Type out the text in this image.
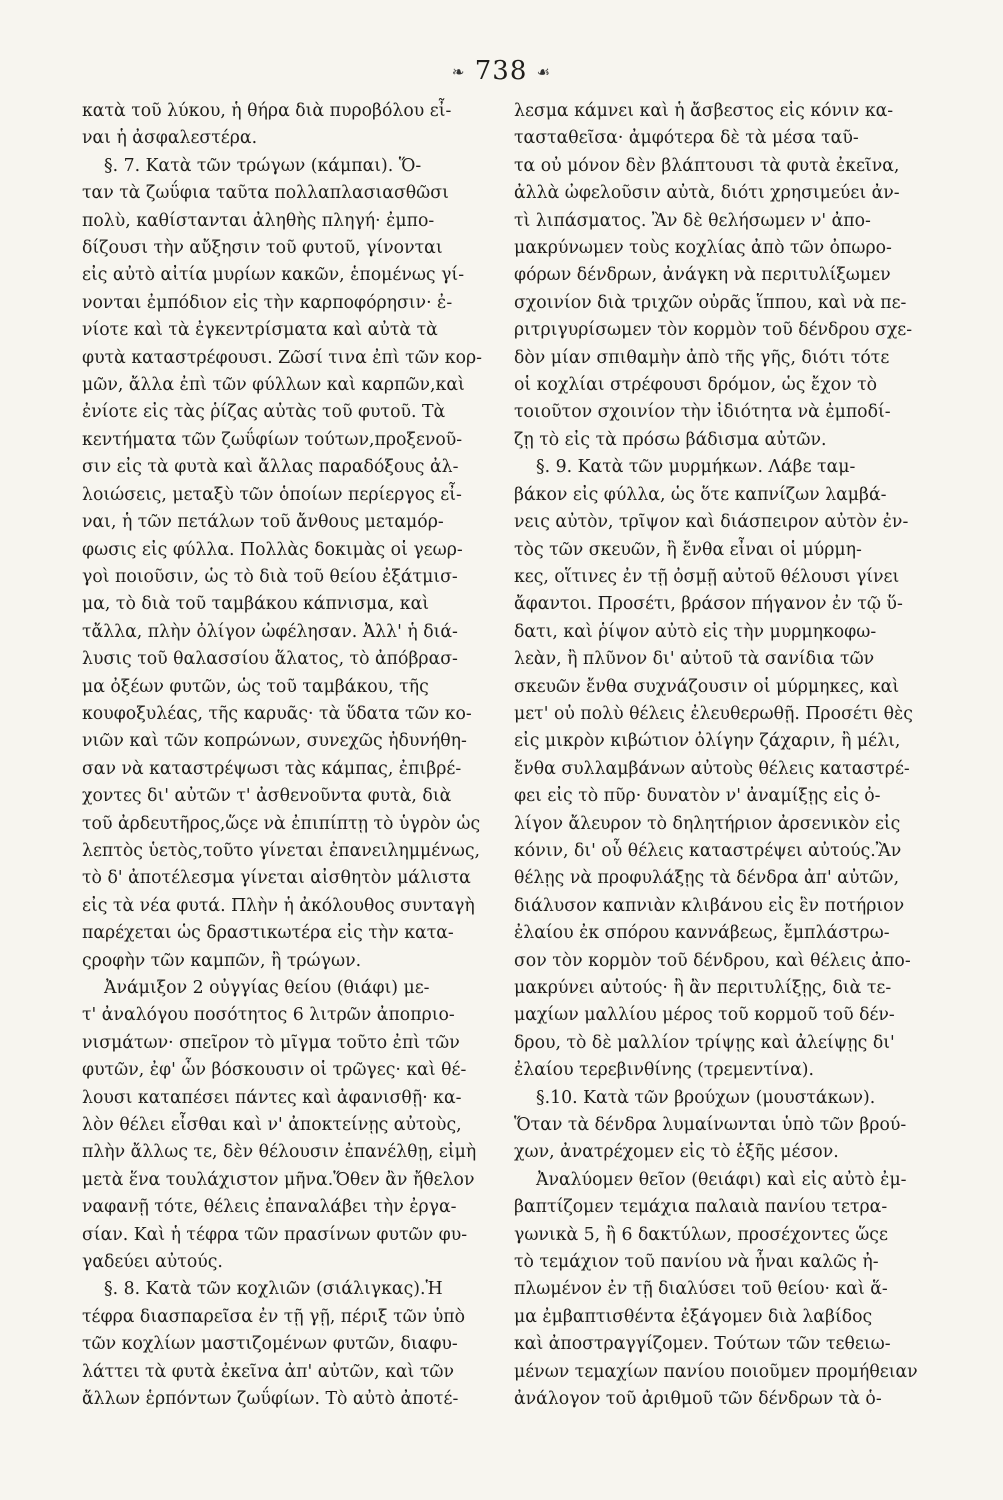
❧ 738 ☙
κατὰ τοῦ λύκου, ἡ θήρα διὰ πυροβόλου εἶ-
ναι ἡ ἀσφαλεστέρα.
§. 7. Κατὰ τῶν τρώγων (κάμπαι). Ὅ-
ταν τὰ ζωΰφια ταῦτα πολλαπλασιασθῶσι
πολὺ, καθίστανται ἀληθὴς πληγή· ἐμπο-
δίζουσι τὴν αὔξησιν τοῦ φυτοῦ, γίνονται
εἰς αὐτὸ αἰτία μυρίων κακῶν, ἑπομένως γί-
νονται ἐμπόδιον εἰς τὴν καρποφόρησιν· ἐ-
νίοτε καὶ τὰ ἐγκεντρίσματα καὶ αὐτὰ τὰ
φυτὰ καταστρέφουσι. Ζῶσί τινα ἐπὶ τῶν κορ-
μῶν, ἄλλα ἐπὶ τῶν φύλλων καὶ καρπῶν,καὶ
ἐνίοτε εἰς τὰς ῥίζας αὐτὰς τοῦ φυτοῦ. Τὰ
κεντήματα τῶν ζωΰφίων τούτων,προξενοῦ-
σιν εἰς τὰ φυτὰ καὶ ἄλλας παραδόξους ἀλ-
λοιώσεις, μεταξὺ τῶν ὁποίων περίεργος εἶ-
ναι, ἡ τῶν πετάλων τοῦ ἄνθους μεταμόρ-
φωσις εἰς φύλλα. Πολλὰς δοκιμὰς οἱ γεωρ-
γοὶ ποιοῦσιν, ὡς τὸ διὰ τοῦ θείου ἐξάτμισ-
μα, τὸ διὰ τοῦ ταμβάκου κάπνισμα, καὶ
τἄλλα, πλὴν ὀλίγον ὠφέλησαν. Ἀλλ' ἡ διά-
λυσις τοῦ θαλασσίου ἅλατος, τὸ ἀπόβρασ-
μα ὀξέων φυτῶν, ὡς τοῦ ταμβάκου, τῆς
κουφοξυλέας, τῆς καρυᾶς· τὰ ὕδατα τῶν κο-
νιῶν καὶ τῶν κοπρώνων, συνεχῶς ἠδυνήθη-
σαν νὰ καταστρέψωσι τὰς κάμπας, ἐπιβρέ-
χοντες δι' αὐτῶν τ' ἀσθενοῦντα φυτὰ, διὰ
τοῦ ἀρδευτῆρος,ὥςε νὰ ἐπιπίπτῃ τὸ ὑγρὸν ὡς
λεπτὸς ὑετὸς,τοῦτο γίνεται ἐπανειλημμένως,
τὸ δ' ἀποτέλεσμα γίνεται αἰσθητὸν μάλιστα
εἰς τὰ νέα φυτά. Πλὴν ἡ ἀκόλουθος συνταγὴ
παρέχεται ὡς δραστικωτέρα εἰς τὴν κατα-
ςροφὴν τῶν καμπῶν, ἢ τρώγων.
Ἀνάμιξον 2 οὐγγίας θείου (θιάφι) με-
τ' ἀναλόγου ποσότητος 6 λιτρῶν ἀποπριο-
νισμάτων· σπεῖρον τὸ μῖγμα τοῦτο ἐπὶ τῶν
φυτῶν, ἐφ' ὧν βόσκουσιν οἱ τρῶγες· καὶ θέ-
λουσι καταπέσει πάντες καὶ ἀφανισθῇ· κα-
λὸν θέλει εἶσθαι καὶ ν' ἀποκτείνῃς αὐτοὺς,
πλὴν ἄλλως τε, δὲν θέλουσιν ἐπανέλθῃ, εἰμὴ
μετὰ ἕνα τουλάχιστον μῆνα.Ὅθεν ἂν ἤθελον
ναφανῇ τότε, θέλεις ἐπαναλάβει τὴν ἐργα-
σίαν. Καὶ ἡ τέφρα τῶν πρασίνων φυτῶν φυ-
γαδεύει αὐτούς.
§. 8. Κατὰ τῶν κοχλιῶν (σιάλιγκας).Ἡ
τέφρα διασπαρεῖσα ἐν τῇ γῇ, πέριξ τῶν ὑπὸ
τῶν κοχλίων μαστιζομένων φυτῶν, διαφυ-
λάττει τὰ φυτὰ ἐκεῖνα ἀπ' αὐτῶν, καὶ τῶν
ἄλλων ἑρπόντων ζωΰφίων. Τὸ αὐτὸ ἀποτέ-
λεσμα κάμνει καὶ ἡ ἄσβεστος εἰς κόνιν κα-
τασταθεῖσα· ἀμφότερα δὲ τὰ μέσα ταῦ-
τα οὐ μόνον δὲν βλάπτουσι τὰ φυτὰ ἐκεῖνα,
ἀλλὰ ὠφελοῦσιν αὐτὰ, διότι χρησιμεύει ἀν-
τὶ λιπάσματος. Ἂν δὲ θελήσωμεν ν' ἀπο-
μακρύνωμεν τοὺς κοχλίας ἀπὸ τῶν ὀπωρο-
φόρων δένδρων, ἀνάγκη νὰ περιτυλίξωμεν
σχοινίον διὰ τριχῶν οὐρᾶς ἵππου, καὶ νὰ πε-
ριτριγυρίσωμεν τὸν κορμὸν τοῦ δένδρου σχε-
δὸν μίαν σπιθαμὴν ἀπὸ τῆς γῆς, διότι τότε
οἱ κοχλίαι στρέφουσι δρόμον, ὡς ἔχον τὸ
τοιοῦτον σχοινίον τὴν ἰδιότητα νὰ ἐμποδί-
ζῃ τὸ εἰς τὰ πρόσω βάδισμα αὐτῶν.
§. 9. Κατὰ τῶν μυρμήκων. Λάβε ταμ-
βάκον εἰς φύλλα, ὡς ὅτε καπνίζων λαμβά-
νεις αὐτὸν, τρῖψον καὶ διάσπειρον αὐτὸν ἐν-
τὸς τῶν σκευῶν, ἢ ἔνθα εἶναι οἱ μύρμη-
κες, οἵτινες ἐν τῇ ὀσμῇ αὐτοῦ θέλουσι γίνει
ἄφαντοι. Προσέτι, βράσον πήγανον ἐν τῷ ὕ-
δατι, καὶ ῥίψον αὐτὸ εἰς τὴν μυρμηκοφω-
λεὰν, ἢ πλῦνον δι' αὐτοῦ τὰ σανίδια τῶν
σκευῶν ἔνθα συχνάζουσιν οἱ μύρμηκες, καὶ
μετ' οὐ πολὺ θέλεις ἐλευθερωθῇ. Προσέτι θὲς
εἰς μικρὸν κιβώτιον ὀλίγην ζάχαριν, ἢ μέλι,
ἔνθα συλλαμβάνων αὐτοὺς θέλεις καταστρέ-
φει εἰς τὸ πῦρ· δυνατὸν ν' ἀναμίξῃς εἰς ὀ-
λίγον ἄλευρον τὸ δηλητήριον ἀρσενικὸν εἰς
κόνιν, δι' οὗ θέλεις καταστρέψει αὐτούς.Ἂν
θέλῃς νὰ προφυλάξῃς τὰ δένδρα ἀπ' αὐτῶν,
διάλυσον καπνιὰν κλιβάνου εἰς ἓν ποτήριον
ἐλαίου ἐκ σπόρου καννάβεως, ἔμπλάστρω-
σον τὸν κορμὸν τοῦ δένδρου, καὶ θέλεις ἀπο-
μακρύνει αὐτούς· ἢ ἂν περιτυλίξῃς, διὰ τε-
μαχίων μαλλίου μέρος τοῦ κορμοῦ τοῦ δέν-
δρου, τὸ δὲ μαλλίον τρίψῃς καὶ ἀλείψῃς δι'
ἐλαίου τερεβινθίνης (τρεμεντίνα).
§.10. Κατὰ τῶν βρούχων (μουστάκων).
Ὅταν τὰ δένδρα λυμαίνωνται ὑπὸ τῶν βρού-
χων, ἀνατρέχομεν εἰς τὸ ἑξῆς μέσον.
Ἀναλύομεν θεῖον (θειάφι) καὶ εἰς αὐτὸ ἐμ-
βαπτίζομεν τεμάχια παλαιὰ πανίου τετρα-
γωνικὰ 5, ἢ 6 δακτύλων, προσέχοντες ὥςε
τὸ τεμάχιον τοῦ πανίου νὰ ἦναι καλῶς ἠ-
πλωμένον ἐν τῇ διαλύσει τοῦ θείου· καὶ ἅ-
μα ἐμβαπτισθέντα ἐξάγομεν διὰ λαβίδος
καὶ ἀποστραγγίζομεν. Τούτων τῶν τεθειω-
μένων τεμαχίων πανίου ποιοῦμεν προμήθειαν
ἀνάλογον τοῦ ἀριθμοῦ τῶν δένδρων τὰ ὁ-
